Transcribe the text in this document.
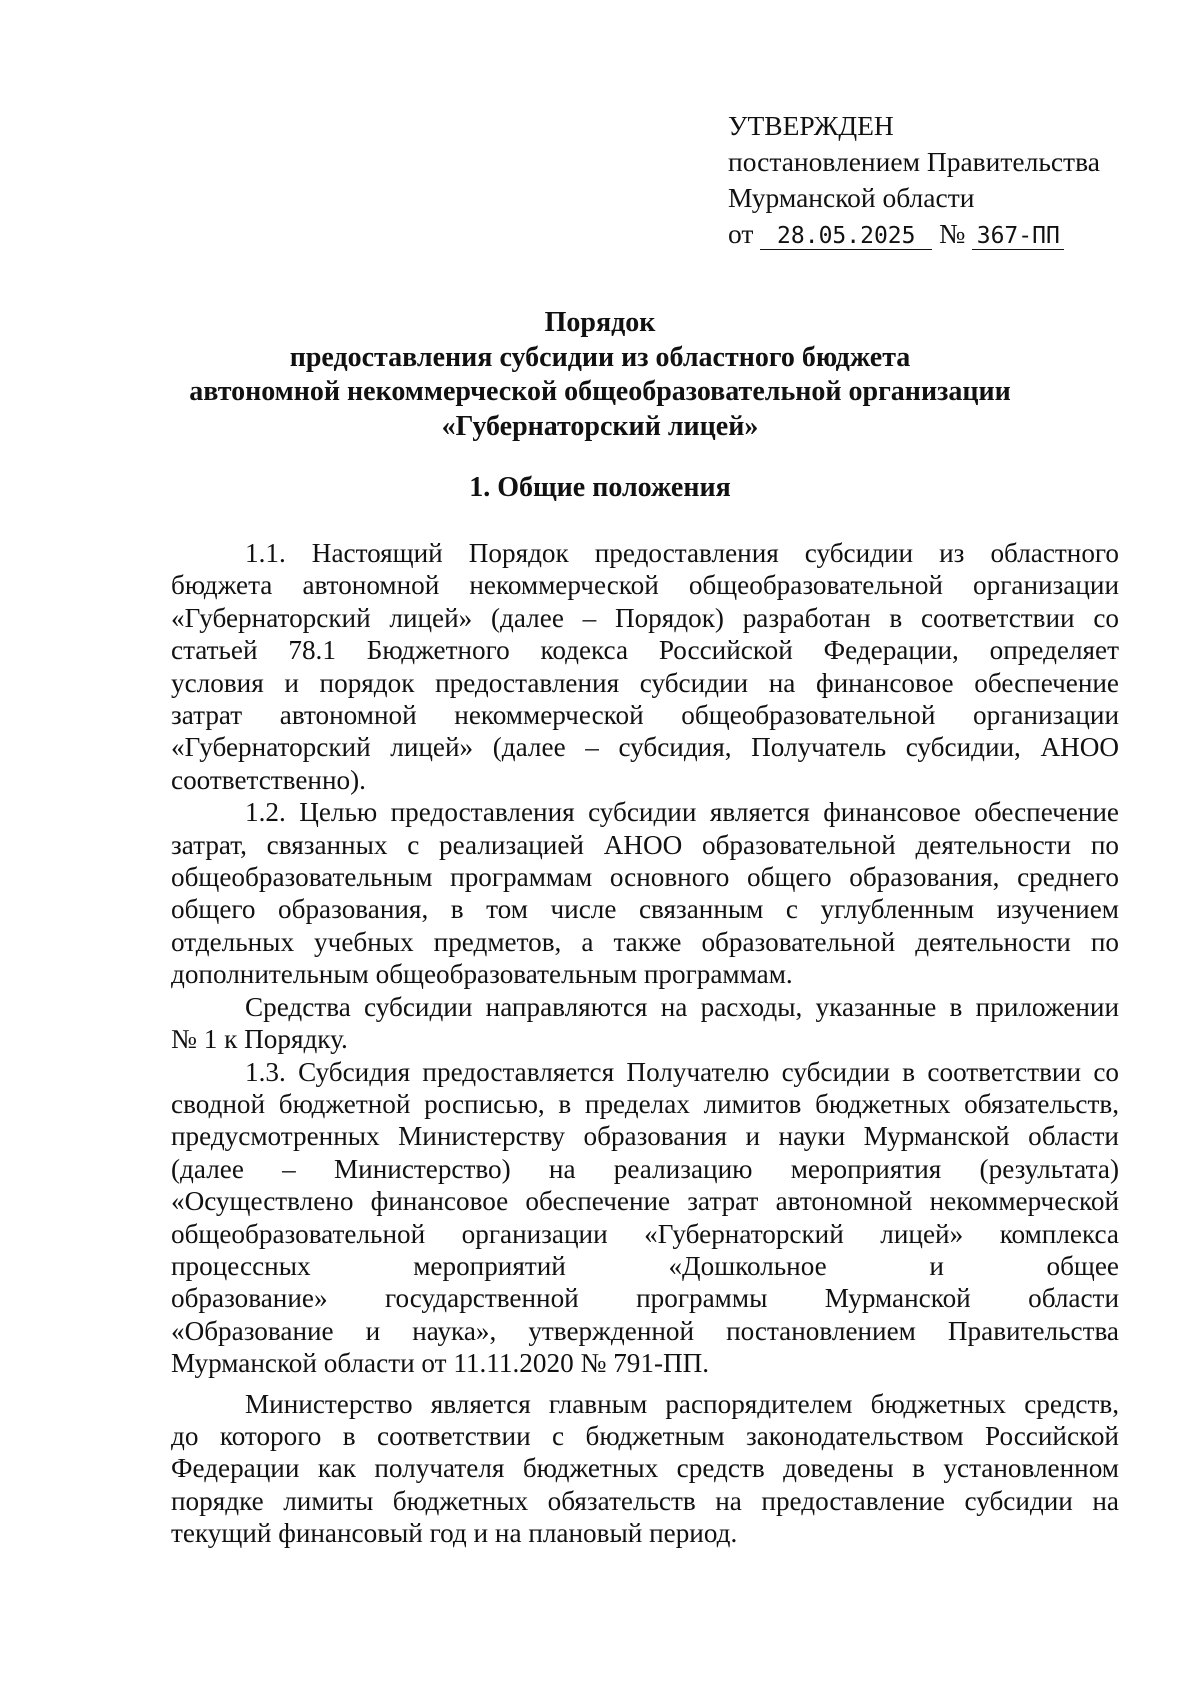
УТВЕРЖДЕН
постановлением Правительства
Мурманской области
от 28.05.2025 № 367-ПП
Порядок
предоставления субсидии из областного бюджета
автономной некоммерческой общеобразовательной организации
«Губернаторский лицей»
1. Общие положения
1.1. Настоящий Порядок предоставления субсидии из областного
бюджета автономной некоммерческой общеобразовательной организации
«Губернаторский лицей» (далее – Порядок) разработан в соответствии со
статьей 78.1 Бюджетного кодекса Российской Федерации, определяет
условия и порядок предоставления субсидии на финансовое обеспечение
затрат автономной некоммерческой общеобразовательной организации
«Губернаторский лицей» (далее – субсидия, Получатель субсидии, АНОО
соответственно).
1.2. Целью предоставления субсидии является финансовое обеспечение
затрат, связанных с реализацией АНОО образовательной деятельности по
общеобразовательным программам основного общего образования, среднего
общего образования, в том числе связанным с углубленным изучением
отдельных учебных предметов, а также образовательной деятельности по
дополнительным общеобразовательным программам.
Средства субсидии направляются на расходы, указанные в приложении
№ 1 к Порядку.
1.3. Субсидия предоставляется Получателю субсидии в соответствии со
сводной бюджетной росписью, в пределах лимитов бюджетных обязательств,
предусмотренных Министерству образования и науки Мурманской области
(далее – Министерство) на реализацию мероприятия (результата)
«Осуществлено финансовое обеспечение затрат автономной некоммерческой
общеобразовательной организации «Губернаторский лицей» комплекса
процессных мероприятий «Дошкольное и общее
образование» государственной программы Мурманской области
«Образование и наука», утвержденной постановлением Правительства
Мурманской области от 11.11.2020 № 791-ПП.
Министерство является главным распорядителем бюджетных средств,
до которого в соответствии с бюджетным законодательством Российской
Федерации как получателя бюджетных средств доведены в установленном
порядке лимиты бюджетных обязательств на предоставление субсидии на
текущий финансовый год и на плановый период.
